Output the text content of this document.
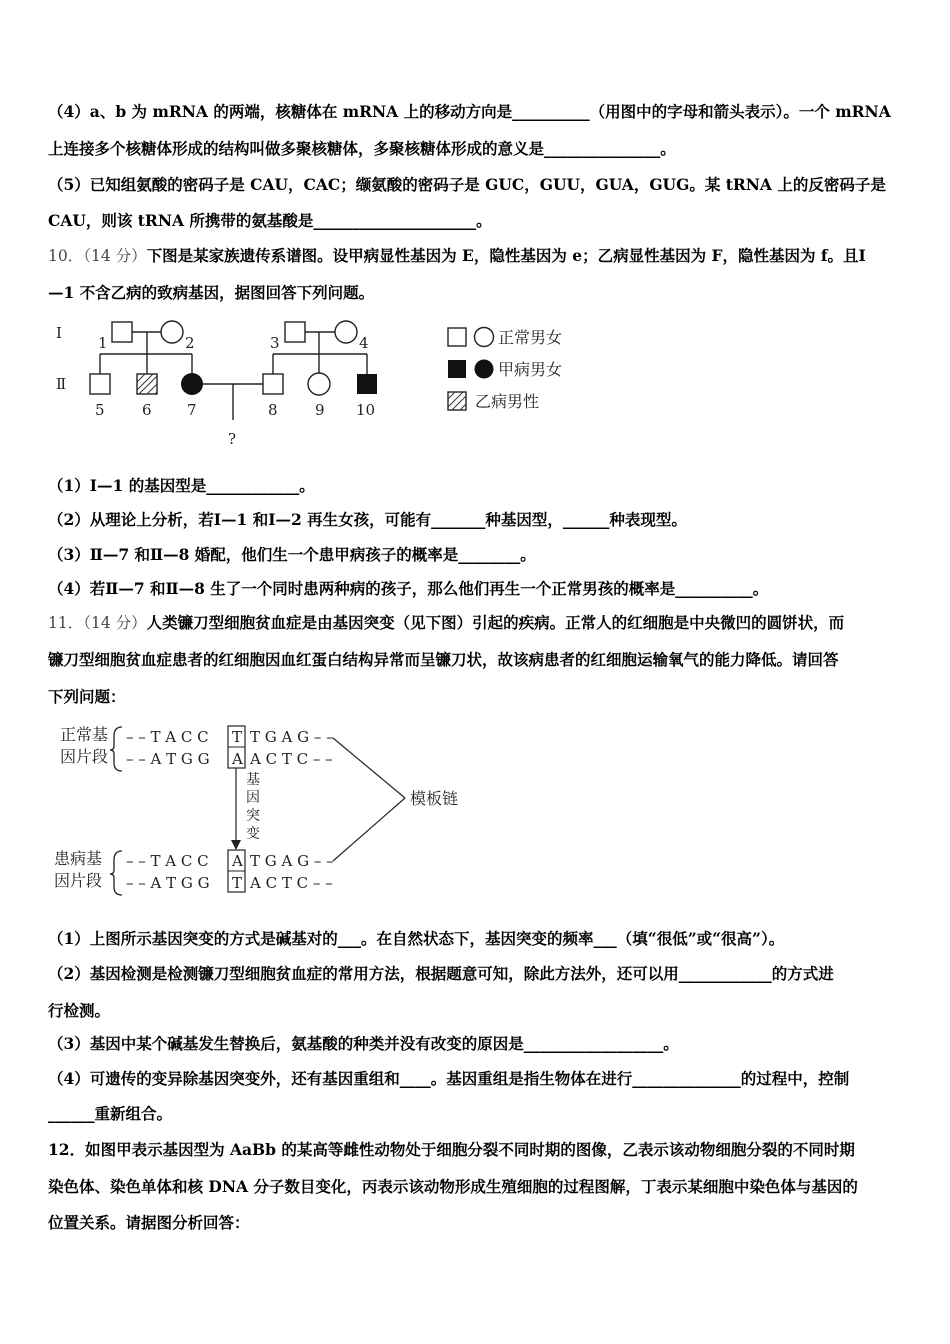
（4）a、b 为 mRNA 的两端，核糖体在 mRNA 上的移动方向是__________（用图中的字母和箭头表示）。一个 mRNA
上连接多个核糖体形成的结构叫做多聚核糖体，多聚核糖体形成的意义是_______________。
（5）已知组氨酸的密码子是 CAU，CAC；缬氨酸的密码子是 GUC，GUU，GUA，GUG。某 tRNA 上的反密码子是
CAU，则该 tRNA 所携带的氨基酸是_____________________。
10．（14 分）下图是某家族遗传系谱图。设甲病显性基因为 E，隐性基因为 e；乙病显性基因为 F，隐性基因为 f。且Ⅰ
—1 不含乙病的致病基因，据图回答下列问题。
Ⅰ
Ⅱ
1	2	3	4
5 6 7	8 9 10
?
正常男女
甲病男女
乙病男性
（1）Ⅰ—1 的基因型是____________。
（2）从理论上分析，若Ⅰ—1 和Ⅰ—2 再生女孩，可能有_______种基因型，______种表现型。
（3）Ⅱ—7 和Ⅱ—8 婚配，他们生一个患甲病孩子的概率是________。
（4）若Ⅱ—7 和Ⅱ—8 生了一个同时患两种病的孩子，那么他们再生一个正常男孩的概率是__________。
11．（14 分）人类镰刀型细胞贫血症是由基因突变（见下图）引起的疾病。正常人的红细胞是中央微凹的圆饼状，而
镰刀型细胞贫血症患者的红细胞因血红蛋白结构异常而呈镰刀状，故该病患者的红细胞运输氧气的能力降低。请回答
下列问题：
正常基
因片段
患病基
因片段
– – T A C C T T G A G – –
– – A T G G A A C T C – –
– – T A C C A T G A G – –
– – A T G G T A C T C – –
基
因
突
变
模板链
（1）上图所示基因突变的方式是碱基对的___。在自然状态下，基因突变的频率___（填“很低”或“很高”）。
（2）基因检测是检测镰刀型细胞贫血症的常用方法，根据题意可知，除此方法外，还可以用____________的方式进
行检测。
（3）基因中某个碱基发生替换后，氨基酸的种类并没有改变的原因是__________________。
（4）可遗传的变异除基因突变外，还有基因重组和____。基因重组是指生物体在进行______________的过程中，控制
______重新组合。
12．如图甲表示基因型为 AaBb 的某高等雌性动物处于细胞分裂不同时期的图像，乙表示该动物细胞分裂的不同时期
染色体、染色单体和核 DNA 分子数目变化，丙表示该动物形成生殖细胞的过程图解，丁表示某细胞中染色体与基因的
位置关系。请据图分析回答：
